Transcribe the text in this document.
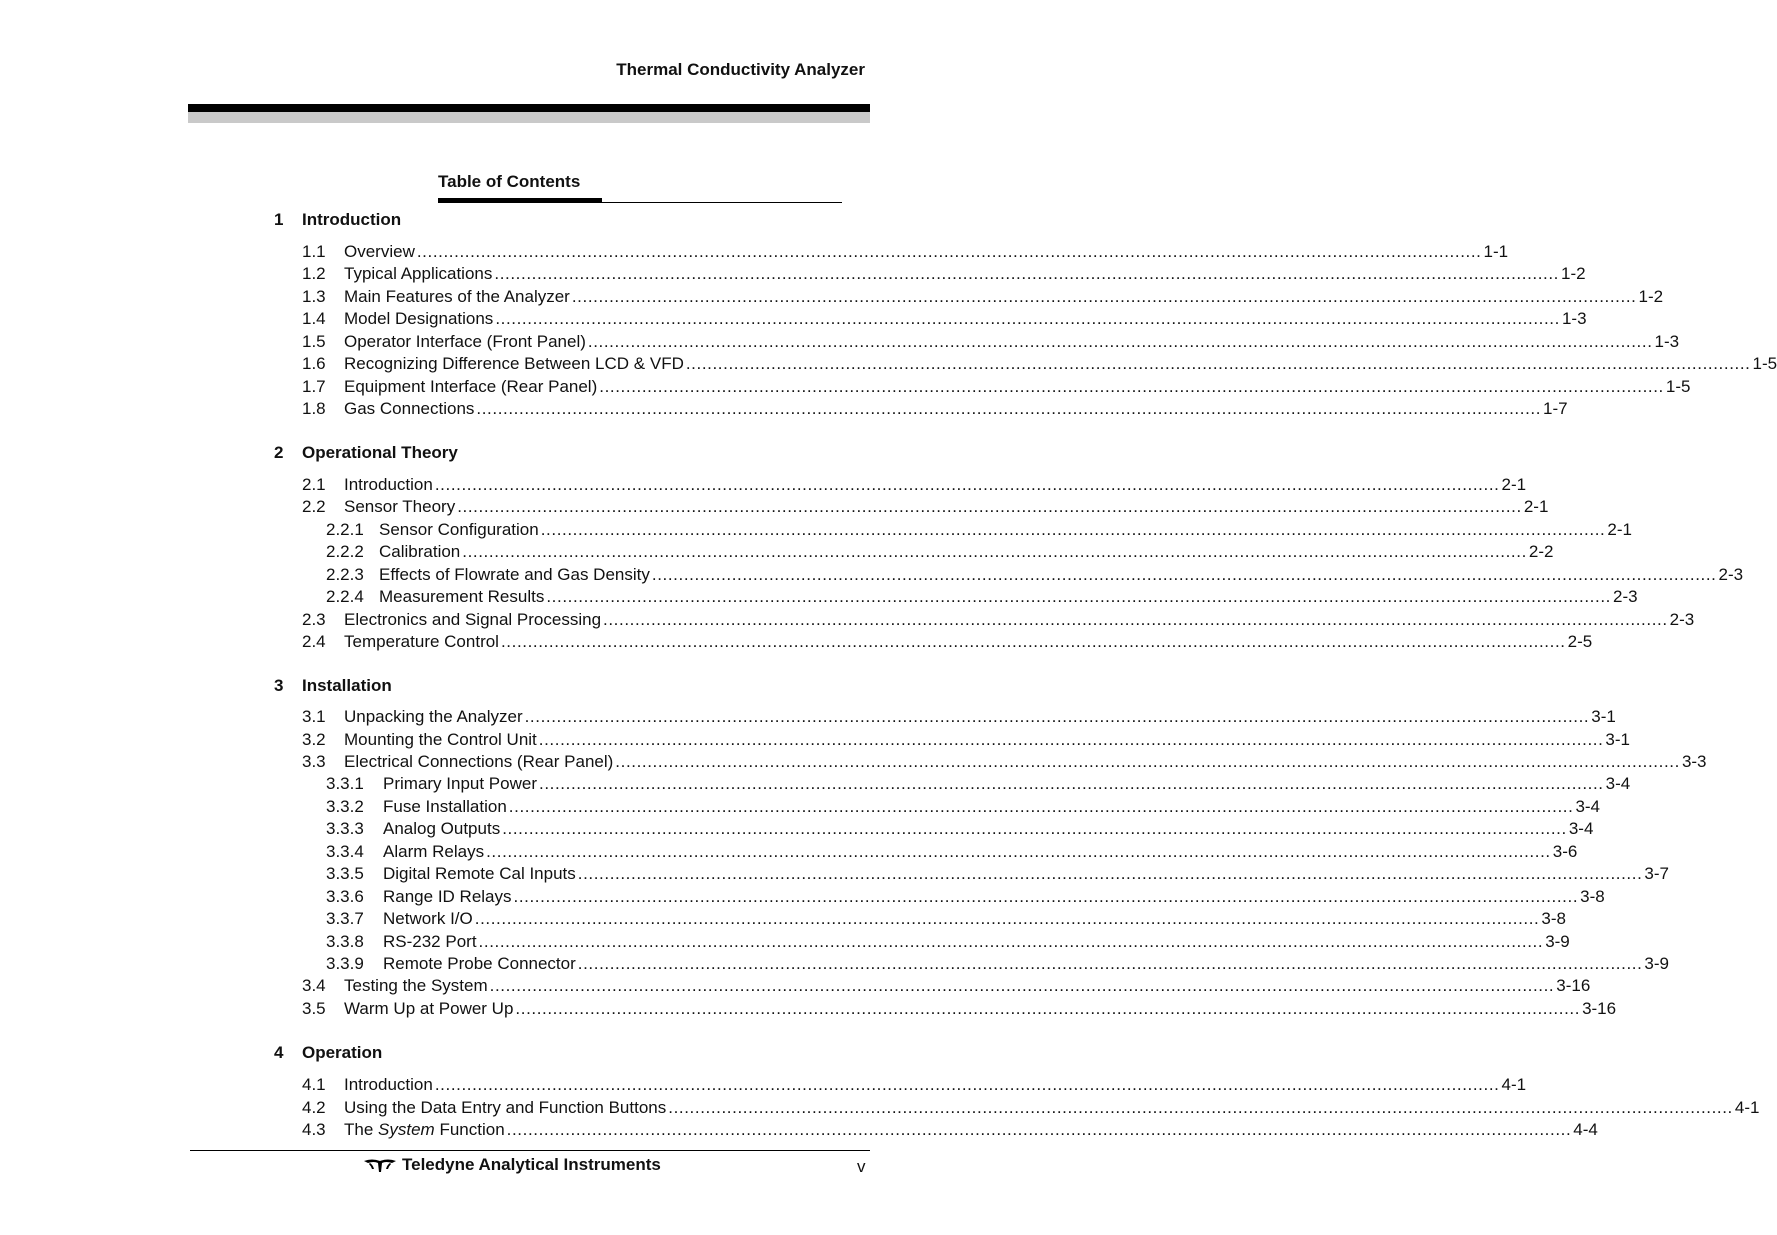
Thermal Conductivity Analyzer
Table of Contents
1 Introduction
1.1	Overview ........................................................................................................................................................................................................ 1-1
1.2	Typical Applications ........................................................................................................................................................................................................ 1-2
1.3	Main Features of the Analyzer ........................................................................................................................................................................................................ 1-2
1.4	Model Designations ........................................................................................................................................................................................................ 1-3
1.5	Operator Interface (Front Panel) ........................................................................................................................................................................................................ 1-3
1.6	Recognizing Difference Between LCD & VFD ........................................................................................................................................................................................................ 1-5
1.7	Equipment Interface (Rear Panel) ........................................................................................................................................................................................................ 1-5
1.8	Gas Connections ........................................................................................................................................................................................................ 1-7
2 Operational Theory
2.1	Introduction ........................................................................................................................................................................................................ 2-1
2.2	Sensor Theory ........................................................................................................................................................................................................ 2-1
2.2.1 Sensor Configuration ........................................................................................................................................................................................................ 2-1
2.2.2 Calibration ........................................................................................................................................................................................................ 2-2
2.2.3 Effects of Flowrate and Gas Density ........................................................................................................................................................................................................ 2-3
2.2.4 Measurement Results ........................................................................................................................................................................................................ 2-3
2.3	Electronics and Signal Processing ........................................................................................................................................................................................................ 2-3
2.4	Temperature Control ........................................................................................................................................................................................................ 2-5
3 Installation
3.1	Unpacking the Analyzer ........................................................................................................................................................................................................ 3-1
3.2	Mounting the Control Unit ........................................................................................................................................................................................................ 3-1
3.3	Electrical Connections (Rear Panel) ........................................................................................................................................................................................................ 3-3
3.3.1	Primary Input Power ........................................................................................................................................................................................................ 3-4
3.3.2	Fuse Installation ........................................................................................................................................................................................................ 3-4
3.3.3	Analog Outputs ........................................................................................................................................................................................................ 3-4
3.3.4	Alarm Relays ........................................................................................................................................................................................................ 3-6
3.3.5	Digital Remote Cal Inputs ........................................................................................................................................................................................................ 3-7
3.3.6	Range ID Relays ........................................................................................................................................................................................................ 3-8
3.3.7	Network I/O ........................................................................................................................................................................................................ 3-8
3.3.8	RS-232 Port ........................................................................................................................................................................................................ 3-9
3.3.9	Remote Probe Connector ........................................................................................................................................................................................................ 3-9
3.4	Testing the System ........................................................................................................................................................................................................ 3-16
3.5	Warm Up at Power Up ........................................................................................................................................................................................................ 3-16
4 Operation
4.1	Introduction ........................................................................................................................................................................................................ 4-1
4.2	Using the Data Entry and Function Buttons ........................................................................................................................................................................................................ 4-1
4.3	The System Function ........................................................................................................................................................................................................ 4-4
Teledyne Analytical Instruments	v
